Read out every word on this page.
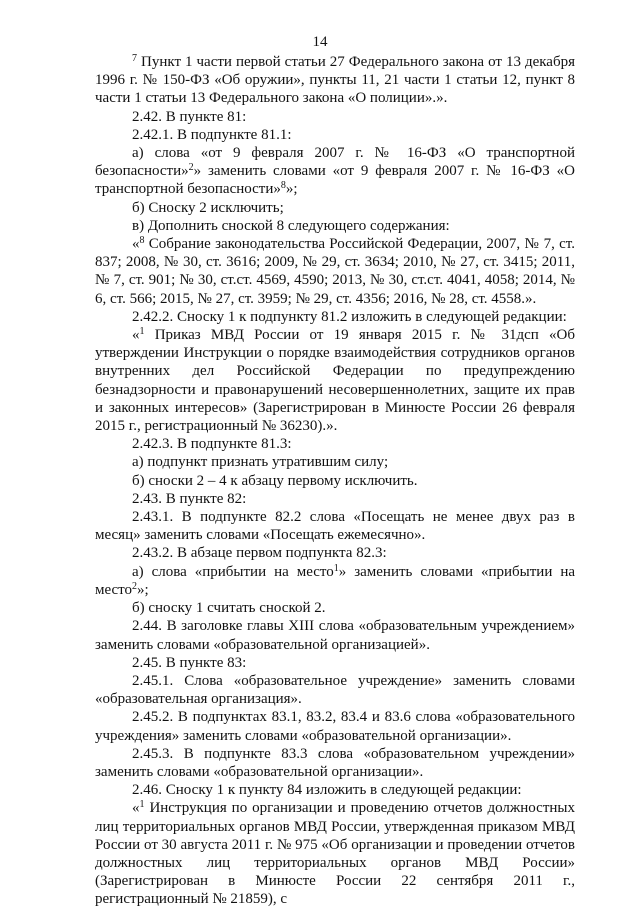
14

$^7$ Пункт 1 части первой статьи 27 Федерального закона от 13 декабря 1996 г. № 150-ФЗ «Об оружии», пункты 11, 21 части 1 статьи 12, пункт 8 части 1 статьи 13 Федерального закона «О полиции».».

2.42. В пункте 81:

2.42.1. В подпункте 81.1:

а) слова «от 9 февраля 2007 г. № 16-ФЗ «О транспортной безопасности»$^2$» заменить словами «от 9 февраля 2007 г. № 16-ФЗ «О транспортной безопасности»$^8$»;

б) Сноску 2 исключить;

в) Дополнить сноской 8 следующего содержания:

«$^8$ Собрание законодательства Российской Федерации, 2007, № 7, ст. 837; 2008, № 30, ст. 3616; 2009, № 29, ст. 3634; 2010, № 27, ст. 3415; 2011, № 7, ст. 901; № 30, ст.ст. 4569, 4590; 2013, № 30, ст.ст. 4041, 4058; 2014, № 6, ст. 566; 2015, № 27, ст. 3959; № 29, ст. 4356; 2016, № 28, ст. 4558.».

2.42.2. Сноску 1 к подпункту 81.2 изложить в следующей редакции:

«$^1$ Приказ МВД России от 19 января 2015 г. № 31дсп «Об утверждении Инструкции о порядке взаимодействия сотрудников органов внутренних дел Российской Федерации по предупреждению безнадзорности и правонарушений несовершеннолетних, защите их прав и законных интересов» (Зарегистрирован в Минюсте России 26 февраля 2015 г., регистрационный № 36230).».

2.42.3. В подпункте 81.3:

а) подпункт признать утратившим силу;

б) сноски 2 – 4 к абзацу первому исключить.

2.43. В пункте 82:

2.43.1. В подпункте 82.2 слова «Посещать не менее двух раз в месяц» заменить словами «Посещать ежемесячно».

2.43.2. В абзаце первом подпункта 82.3:

а) слова «прибытии на место$^1$» заменить словами «прибытии на место$^2$»;

б) сноску 1 считать сноской 2.

2.44. В заголовке главы XIII слова «образовательным учреждением» заменить словами «образовательной организацией».

2.45. В пункте 83:

2.45.1. Слова «образовательное учреждение» заменить словами «образовательная организация».

2.45.2. В подпунктах 83.1, 83.2, 83.4 и 83.6 слова «образовательного учреждения» заменить словами «образовательной организации».

2.45.3. В подпункте 83.3 слова «образовательном учреждении» заменить словами «образовательной организации».

2.46. Сноску 1 к пункту 84 изложить в следующей редакции:

«$^1$ Инструкция по организации и проведению отчетов должностных лиц территориальных органов МВД России, утвержденная приказом МВД России от 30 августа 2011 г. № 975 «Об организации и проведении отчетов должностных лиц территориальных органов МВД России» (Зарегистрирован в Минюсте России 22 сентября 2011 г., регистрационный № 21859), с
